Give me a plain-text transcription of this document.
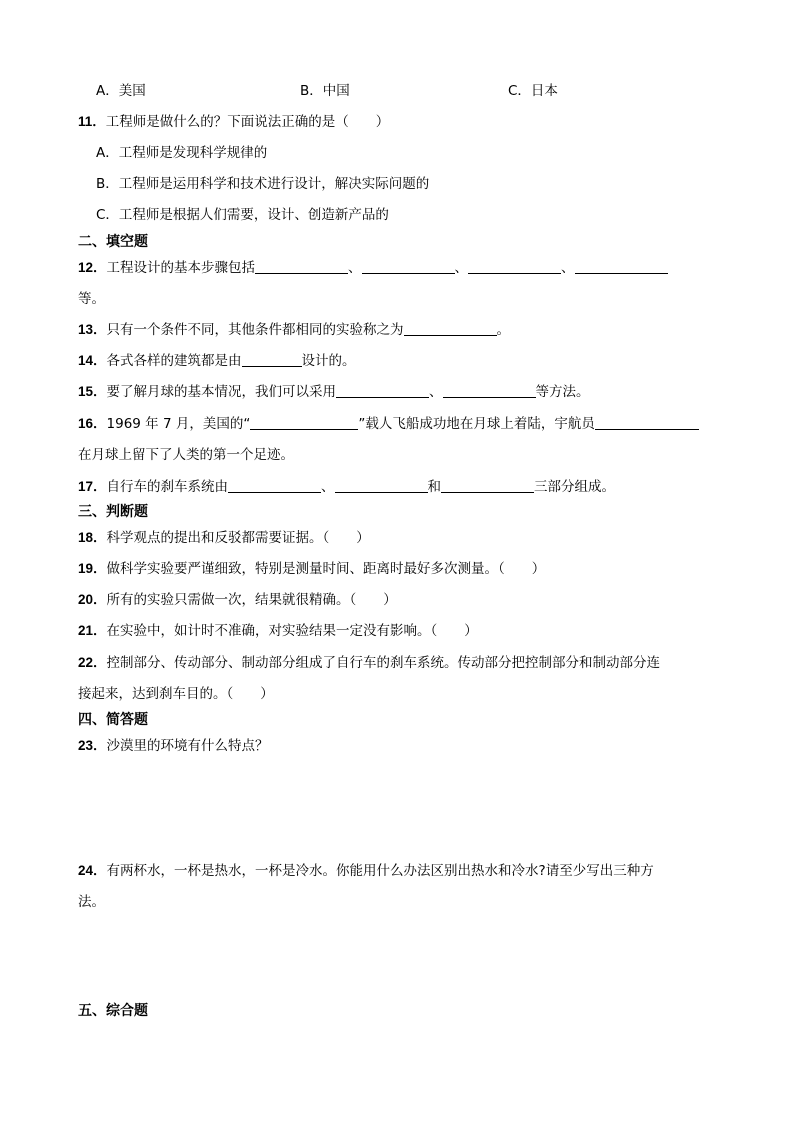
A．美国	B．中国	C．日本
11．工程师是做什么的？下面说法正确的是（　　）
A．工程师是发现科学规律的
B．工程师是运用科学和技术进行设计，解决实际问题的
C．工程师是根据人们需要，设计、创造新产品的
二、填空题
12．工程设计的基本步骤包括	、	、	、
等。
13．只有一个条件不同，其他条件都相同的实验称之为	。
14．各式各样的建筑都是由	设计的。
15．要了解月球的基本情况，我们可以采用	、	等方法。
16．1969 年 7 月，美国的“	”载人飞船成功地在月球上着陆，宇航员
在月球上留下了人类的第一个足迹。
17．自行车的刹车系统由	、	和	三部分组成。
三、判断题
18．科学观点的提出和反驳都需要证据。（　　）
19．做科学实验要严谨细致，特别是测量时间、距离时最好多次测量。（　　）
20．所有的实验只需做一次，结果就很精确。（　　）
21．在实验中，如计时不准确，对实验结果一定没有影响。（　　）
22．控制部分、传动部分、制动部分组成了自行车的刹车系统。传动部分把控制部分和制动部分连
接起来，达到刹车目的。（　　）
四、简答题
23．沙漠里的环境有什么特点？
24．有两杯水，一杯是热水，一杯是冷水。你能用什么办法区别出热水和冷水?请至少写出三种方
法。
五、综合题
